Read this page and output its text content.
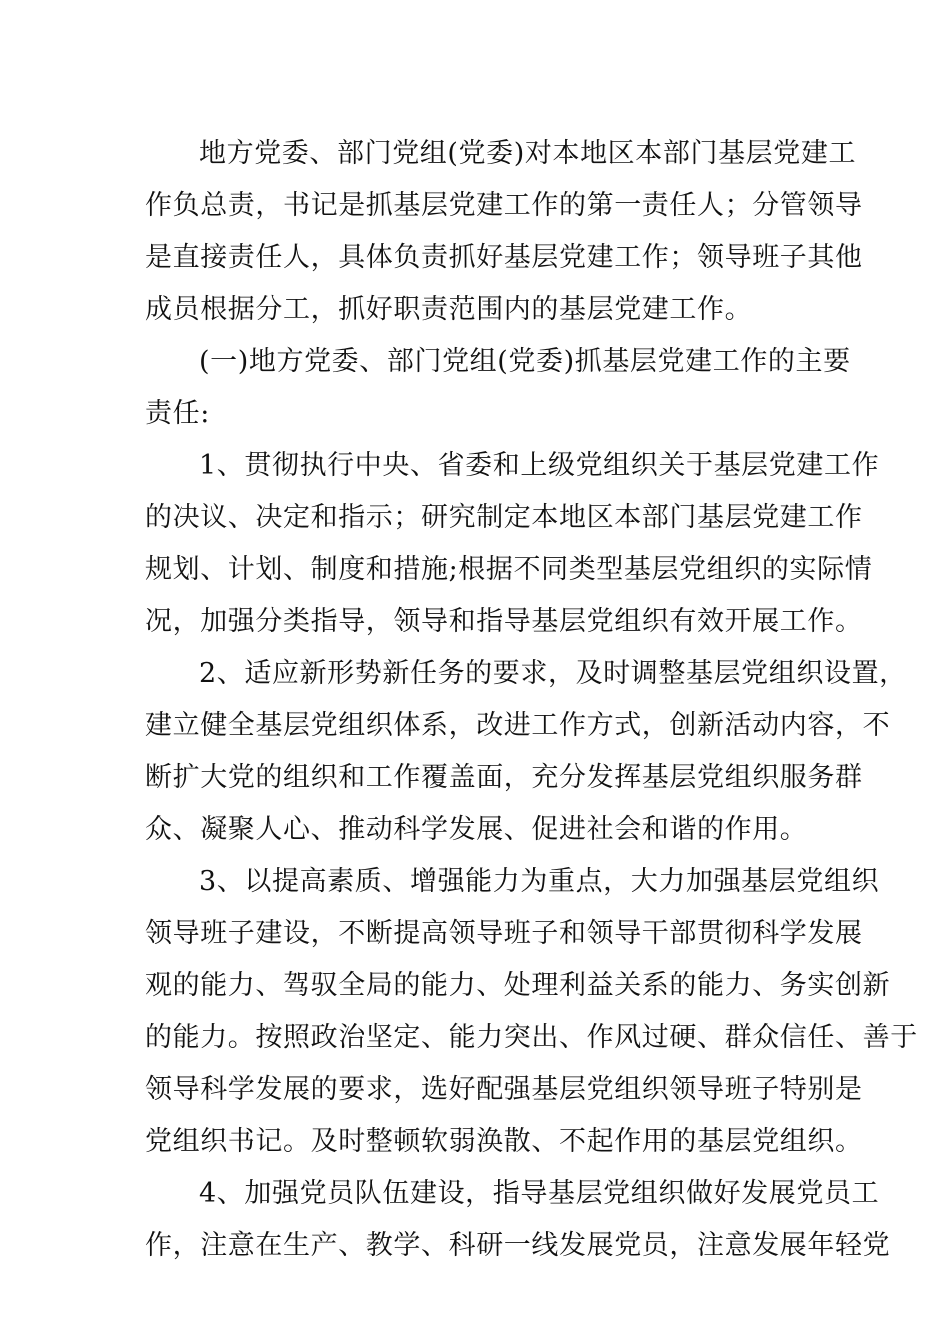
地方党委、部门党组(党委)对本地区本部门基层党建工
作负总责，书记是抓基层党建工作的第一责任人；分管领导
是直接责任人，具体负责抓好基层党建工作；领导班子其他
成员根据分工，抓好职责范围内的基层党建工作。
(一)地方党委、部门党组(党委)抓基层党建工作的主要
责任:
1、贯彻执行中央、省委和上级党组织关于基层党建工作
的决议、决定和指示；研究制定本地区本部门基层党建工作
规划、计划、制度和措施;根据不同类型基层党组织的实际情
况，加强分类指导，领导和指导基层党组织有效开展工作。
2、适应新形势新任务的要求，及时调整基层党组织设置，
建立健全基层党组织体系，改进工作方式，创新活动内容，不
断扩大党的组织和工作覆盖面，充分发挥基层党组织服务群
众、凝聚人心、推动科学发展、促进社会和谐的作用。
3、以提高素质、增强能力为重点，大力加强基层党组织
领导班子建设，不断提高领导班子和领导干部贯彻科学发展
观的能力、驾驭全局的能力、处理利益关系的能力、务实创新
的能力。按照政治坚定、能力突出、作风过硬、群众信任、善于
领导科学发展的要求，选好配强基层党组织领导班子特别是
党组织书记。及时整顿软弱涣散、不起作用的基层党组织。
4、加强党员队伍建设，指导基层党组织做好发展党员工
作，注意在生产、教学、科研一线发展党员，注意发展年轻党
